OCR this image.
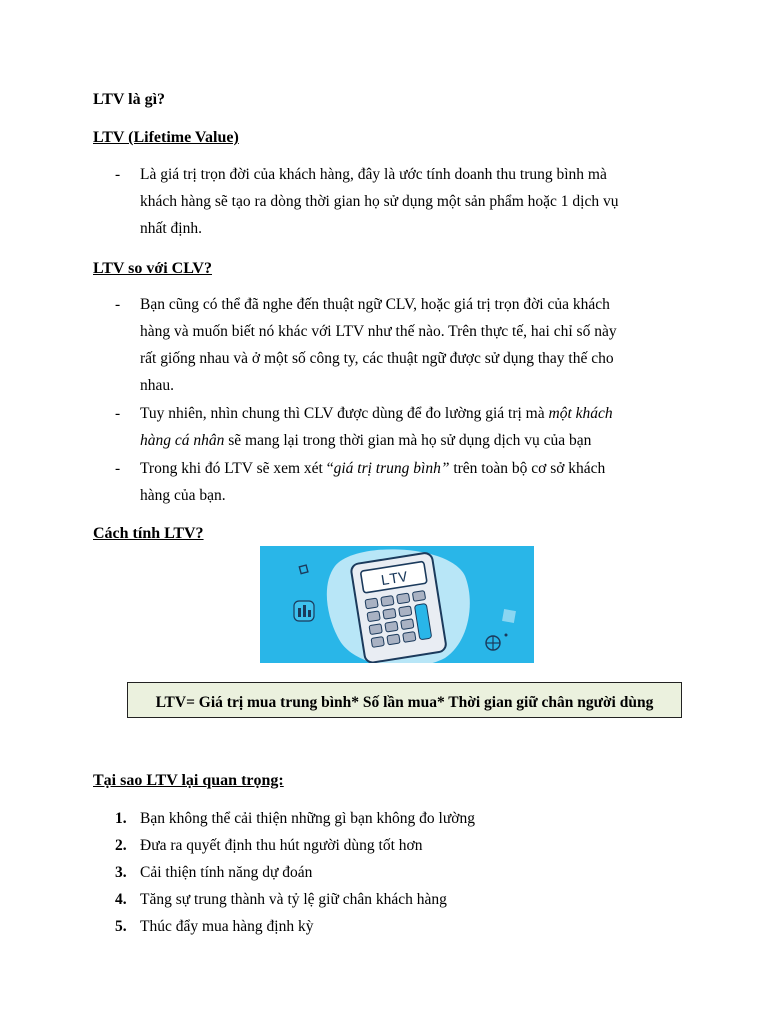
LTV là gì?
LTV (Lifetime Value)
- Là giá trị trọn đời của khách hàng, đây là ước tính doanh thu trung bình mà
khách hàng sẽ tạo ra dòng thời gian họ sử dụng một sản phẩm hoặc 1 dịch vụ
nhất định.
LTV so với CLV?
- Bạn cũng có thể đã nghe đến thuật ngữ CLV, hoặc giá trị trọn đời của khách
hàng và muốn biết nó khác với LTV như thế nào. Trên thực tế, hai chỉ số này
rất giống nhau và ở một số công ty, các thuật ngữ được sử dụng thay thế cho
nhau.
- Tuy nhiên, nhìn chung thì CLV được dùng để đo lường giá trị mà một khách
hàng cá nhân sẽ mang lại trong thời gian mà họ sử dụng dịch vụ của bạn
- Trong khi đó LTV sẽ xem xét “giá trị trung bình” trên toàn bộ cơ sở khách
hàng của bạn.
Cách tính LTV?
LTV
LTV= Giá trị mua trung bình* Số lần mua* Thời gian giữ chân người dùng
Tại sao LTV lại quan trọng:
1. Bạn không thể cải thiện những gì bạn không đo lường
2. Đưa ra quyết định thu hút người dùng tốt hơn
3. Cải thiện tính năng dự đoán
4. Tăng sự trung thành và tỷ lệ giữ chân khách hàng
5. Thúc đẩy mua hàng định kỳ
